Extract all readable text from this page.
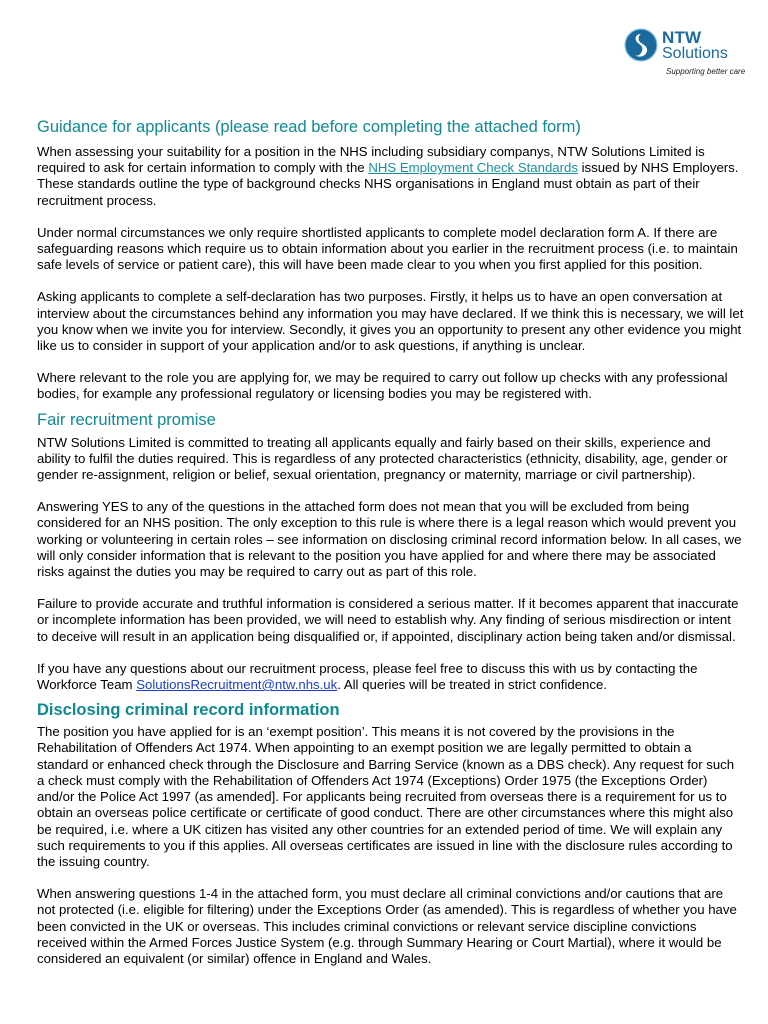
NTW
Solutions
Supporting better care
Guidance for applicants (please read before completing the attached form)

When assessing your suitability for a position in the NHS including subsidiary companys, NTW Solutions Limited is required to ask for certain information to comply with the NHS Employment Check Standards issued by NHS Employers. These standards outline the type of background checks NHS organisations in England must obtain as part of their recruitment process.

Under normal circumstances we only require shortlisted applicants to complete model declaration form A. If there are safeguarding reasons which require us to obtain information about you earlier in the recruitment process (i.e. to maintain safe levels of service or patient care), this will have been made clear to you when you first applied for this position.

Asking applicants to complete a self-declaration has two purposes. Firstly, it helps us to have an open conversation at interview about the circumstances behind any information you may have declared. If we think this is necessary, we will let you know when we invite you for interview. Secondly, it gives you an opportunity to present any other evidence you might like us to consider in support of your application and/or to ask questions, if anything is unclear.

Where relevant to the role you are applying for, we may be required to carry out follow up checks with any professional bodies, for example any professional regulatory or licensing bodies you may be registered with.

Fair recruitment promise

NTW Solutions Limited is committed to treating all applicants equally and fairly based on their skills, experience and ability to fulfil the duties required. This is regardless of any protected characteristics (ethnicity, disability, age, gender or gender re-assignment, religion or belief, sexual orientation, pregnancy or maternity, marriage or civil partnership).

Answering YES to any of the questions in the attached form does not mean that you will be excluded from being considered for an NHS position. The only exception to this rule is where there is a legal reason which would prevent you working or volunteering in certain roles – see information on disclosing criminal record information below. In all cases, we will only consider information that is relevant to the position you have applied for and where there may be associated risks against the duties you may be required to carry out as part of this role.

Failure to provide accurate and truthful information is considered a serious matter. If it becomes apparent that inaccurate or incomplete information has been provided, we will need to establish why. Any finding of serious misdirection or intent to deceive will result in an application being disqualified or, if appointed, disciplinary action being taken and/or dismissal.

If you have any questions about our recruitment process, please feel free to discuss this with us by contacting the Workforce Team SolutionsRecruitment@ntw.nhs.uk. All queries will be treated in strict confidence.

Disclosing criminal record information

The position you have applied for is an ‘exempt position’. This means it is not covered by the provisions in the Rehabilitation of Offenders Act 1974. When appointing to an exempt position we are legally permitted to obtain a standard or enhanced check through the Disclosure and Barring Service (known as a DBS check). Any request for such a check must comply with the Rehabilitation of Offenders Act 1974 (Exceptions) Order 1975 (the Exceptions Order) and/or the Police Act 1997 (as amended]. For applicants being recruited from overseas there is a requirement for us to obtain an overseas police certificate or certificate of good conduct. There are other circumstances where this might also be required, i.e. where a UK citizen has visited any other countries for an extended period of time. We will explain any such requirements to you if this applies. All overseas certificates are issued in line with the disclosure rules according to the issuing country.

When answering questions 1-4 in the attached form, you must declare all criminal convictions and/or cautions that are not protected (i.e. eligible for filtering) under the Exceptions Order (as amended). This is regardless of whether you have been convicted in the UK or overseas. This includes criminal convictions or relevant service discipline convictions received within the Armed Forces Justice System (e.g. through Summary Hearing or Court Martial), where it would be considered an equivalent (or similar) offence in England and Wales.
